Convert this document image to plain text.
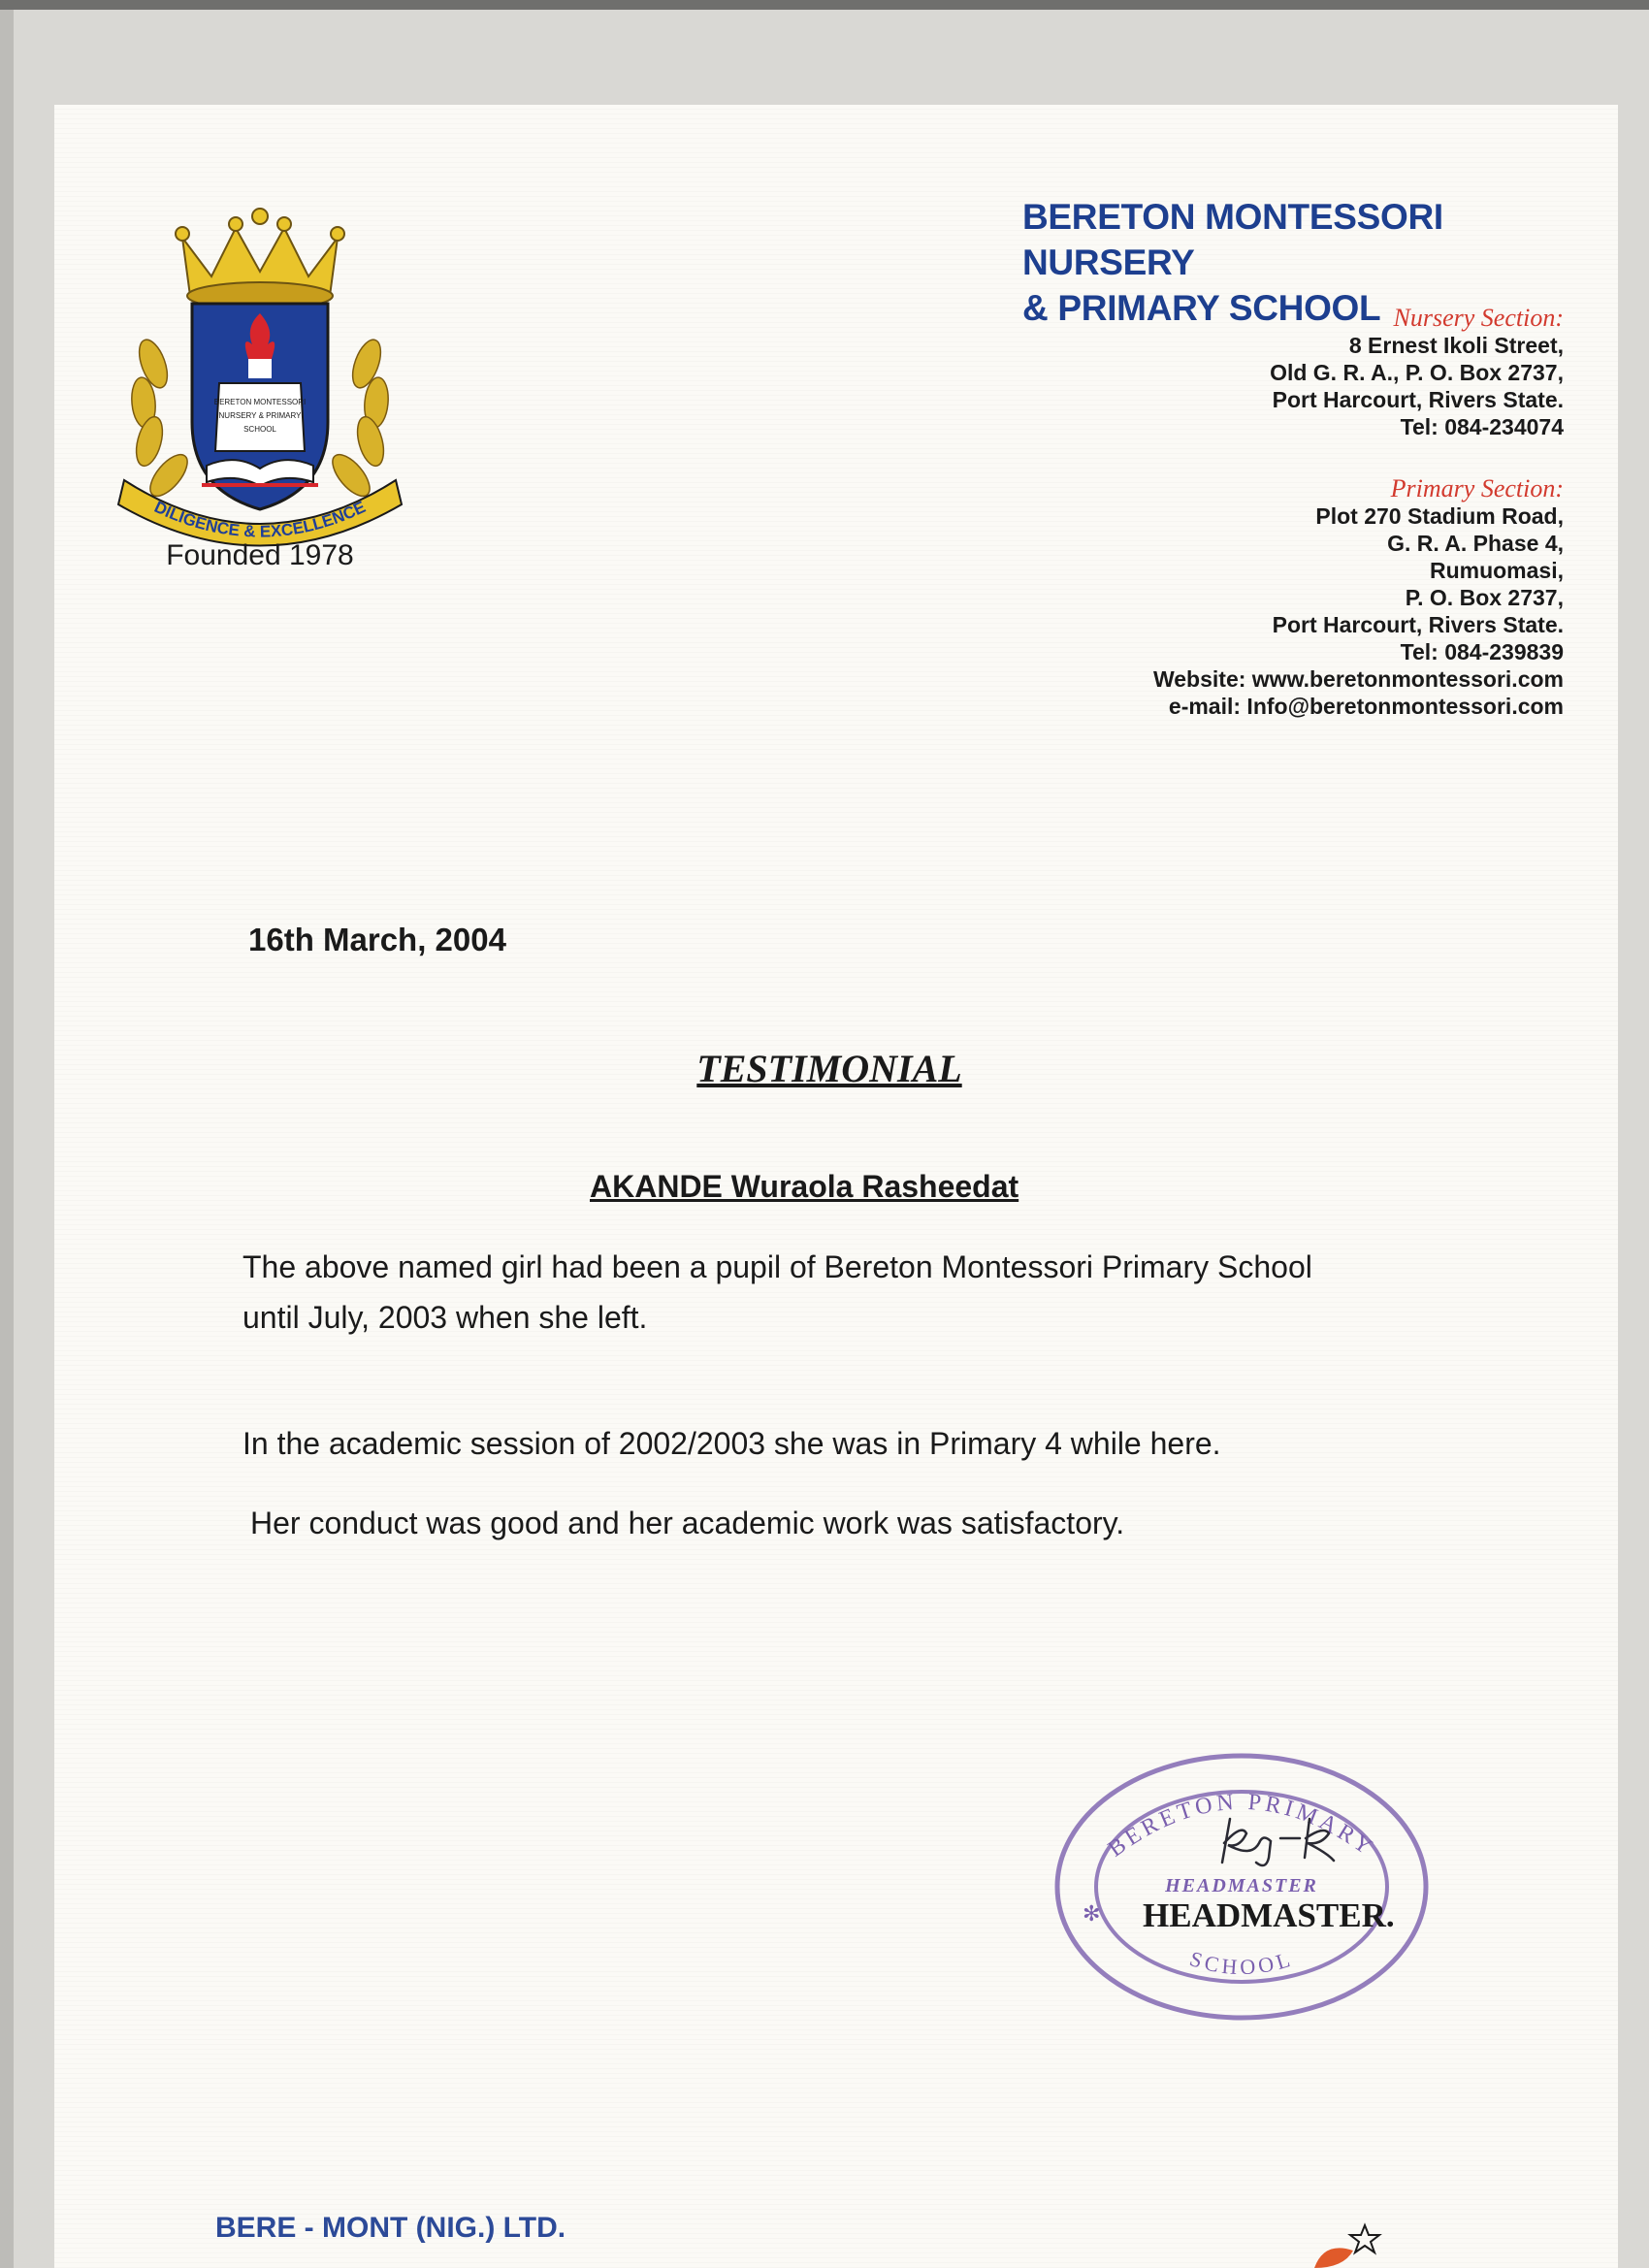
BERETON MONTESSORI
NURSERY & PRIMARY
SCHOOL
DILIGENCE & EXCELLENCE
Founded 1978
BERETON MONTESSORI NURSERY
& PRIMARY SCHOOL Nursery Section:
8 Ernest Ikoli Street,
Old G. R. A., P. O. Box 2737,
Port Harcourt, Rivers State.
Tel: 084-234074
Primary Section:
Plot 270 Stadium Road,
G. R. A. Phase 4,
Rumuomasi,
P. O. Box 2737,
Port Harcourt, Rivers State.
Tel: 084-239839
Website: www.beretonmontessori.com
e-mail: Info@beretonmontessori.com
16th March, 2004
TESTIMONIAL
AKANDE Wuraola Rasheedat
The above named girl had been a pupil of Bereton Montessori Primary School
until July, 2003 when she left.
In the academic session of 2002/2003 she was in Primary 4 while here.
Her conduct was good and her academic work was satisfactory.
BERETON PRIMARY
SCHOOL
HEADMASTER
✻ HEADMASTER.
BERE - MONT (NIG.) LTD.
